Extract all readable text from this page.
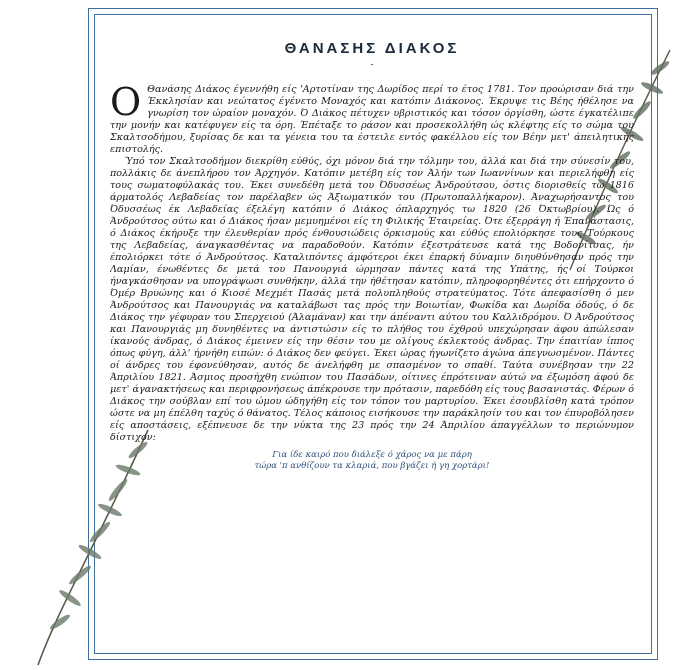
ΘΑΝΑΣΗΣ ΔΙΑΚΟΣ
-

Ο Θανάσης Διάκος έγεννήθη είς 'Αρτοτίναν της Δωρίδος περί το έτος 1781. Τον προώρισαν διά την Έκκλησίαν και νεώτατος έγένετο Μοναχός και κατόπιν Διάκονος. Έκρυψε τις Βέης ήθέλησε να γνωρίση τον ώραίον μοναχόν. Ό Διάκος πέτυχεν υβριστικός και τόσον όργίσθη, ώστε έγκατέλιπε την μονήν και κατέφυγεν είς τα όρη. Έπέταξε το ράσον και προσεκολλήθη ώς κλέφτης είς το σώμα του Σκαλτσοδήμου, ξυρίσας δε και τα γένεια του τα έστειλε εντός φακέλλου είς τον Βέην μετ' άπειλητικής επιστολής.

Ύπό τον Σκαλτσοδήμον διεκρίθη εύθύς, όχι μόνον διά την τόλμην του, άλλά και διά την σύνεσίν του, πολλάκις δε άνεπλήρου τον Άρχηγόν. Κατόπιν μετέβη είς τον Άλήν των Ιωαννίνων και περιελήφθη είς τους σωματοφύλακάς του. Έκει συνεδέθη μετά του Όδυσσέως Άνδρούτσου, όστις διορισθείς τω 1816 άρματολός Λεβαδείας τον παρέλαβεν ώς Άξιωματικόν του (Πρωτοπαλλήκαρον). Άναχωρήσαντος του Όδυσσέως έκ Λεβαδείας έξελέγη κατόπιν ό Διάκος όπλαρχηγός τω 1820 (26 Όκτωβρίου). Ώς ό Άνδρούτσος ούτω και ό Διάκος ήσαν μεμυημένοι είς τη Φιλικής Έταιρείας. Ότε έξερράγη ή Έπανάστασις, ό Διάκος έκήρυξε την έλευθερίαν πρός ένθουσιώδεις όρκισμούς και εύθύς επολιόρκησε τους Τούρκους της Λεβαδείας, άναγκασθέντας να παραδοθούν. Κατόπιν έξεστράτευσε κατά της Βοδονίτσας, ήν έπολιόρκει τότε ό Άνδρούτσος. Καταλιπόντες άμφότεροι έκει έπαρκή δύναμιν διηυθύνθησαν πρός την Λαμίαν, ένωθέντες δε μετά του Πανουργιά ώρμησαν πάντες κατά της Υπάτης, ής οί Τούρκοι ήναγκάσθησαν να υπογράψωσι συνθήκην, άλλά την ήθέτησαν κατόπιν, πληροφορηθέντες ότι επήρχοντο ό Όμέρ Βρυώνης και ό Κιοσέ Μεχμέτ Πασάς μετά πολυπληθούς στρατεύματος. Τότε άπεφασίσθη ό μεν Άνδρούτσος και Πανουργιάς να καταλάβωσι τας πρός την Βοιωτίαν, Φωκίδα και Δωρίδα όδούς, ό δε Διάκος την γέφυραν του Σπερχειού (Άλαμάναν) και την άπέναντι αύτου του Καλλιδρόμου. Ό Άνδρούτσος και Πανουργιάς μη δυνηθέντες να άντιστώσιν είς το πλήθος του έχθρού υπεχώρησαν άφου άπώλεσαν ίκανούς άνδρας, ό Διάκος έμεινεν είς την θέσιν του με ολίγους έκλεκτούς άνδρας. Την έπαιτίαν ίππος όπως φύγη, άλλ' ήρνήθη ειπών: ό Διάκος δεν φεύγει. Έκει ώρας ήγωνίζετο άγώνα άπεγνωσμένον. Πάντες οί άνδρες του έφονεύθησαν, αυτός δε άνελήφθη με σπασμένον το σπαθί. Ταύτα συνέβησαν την 22 Άπριλίου 1821. Άσμιος προσήχθη ενώπιον του Πασάδων, οίτινες έπρότειναν αύτώ να έξωμόση άφού δε μετ' άγανακτήσεως και περιφρονήσεως άπέκρουσε την πρότασιν, παρεδόθη είς τους βασανιστάς. Φέρων ό Διάκος την σούβλαν επί του ώμου ώδηγήθη είς τον τόπον του μαρτυρίου. Έκει έσουβλίσθη κατά τρόπον ώστε να μη έπέλθη ταχύς ό θάνατος. Τέλος κάποιος εισήκουσε την παράκλησίν του και τον έπυροβόλησεν είς αποστάσεις, εξέπνευσε δε την νύκτα της 23 πρός την 24 Άπριλίου άπαγγέλλων το περιώνυμον δίστιχον:

Για ίδε καιρό που διάλεξε ό χάρος να με πάρη
τώρα 'π ανθίζουν τα κλαριά, που βγάζει ή γη χορτάρι!
